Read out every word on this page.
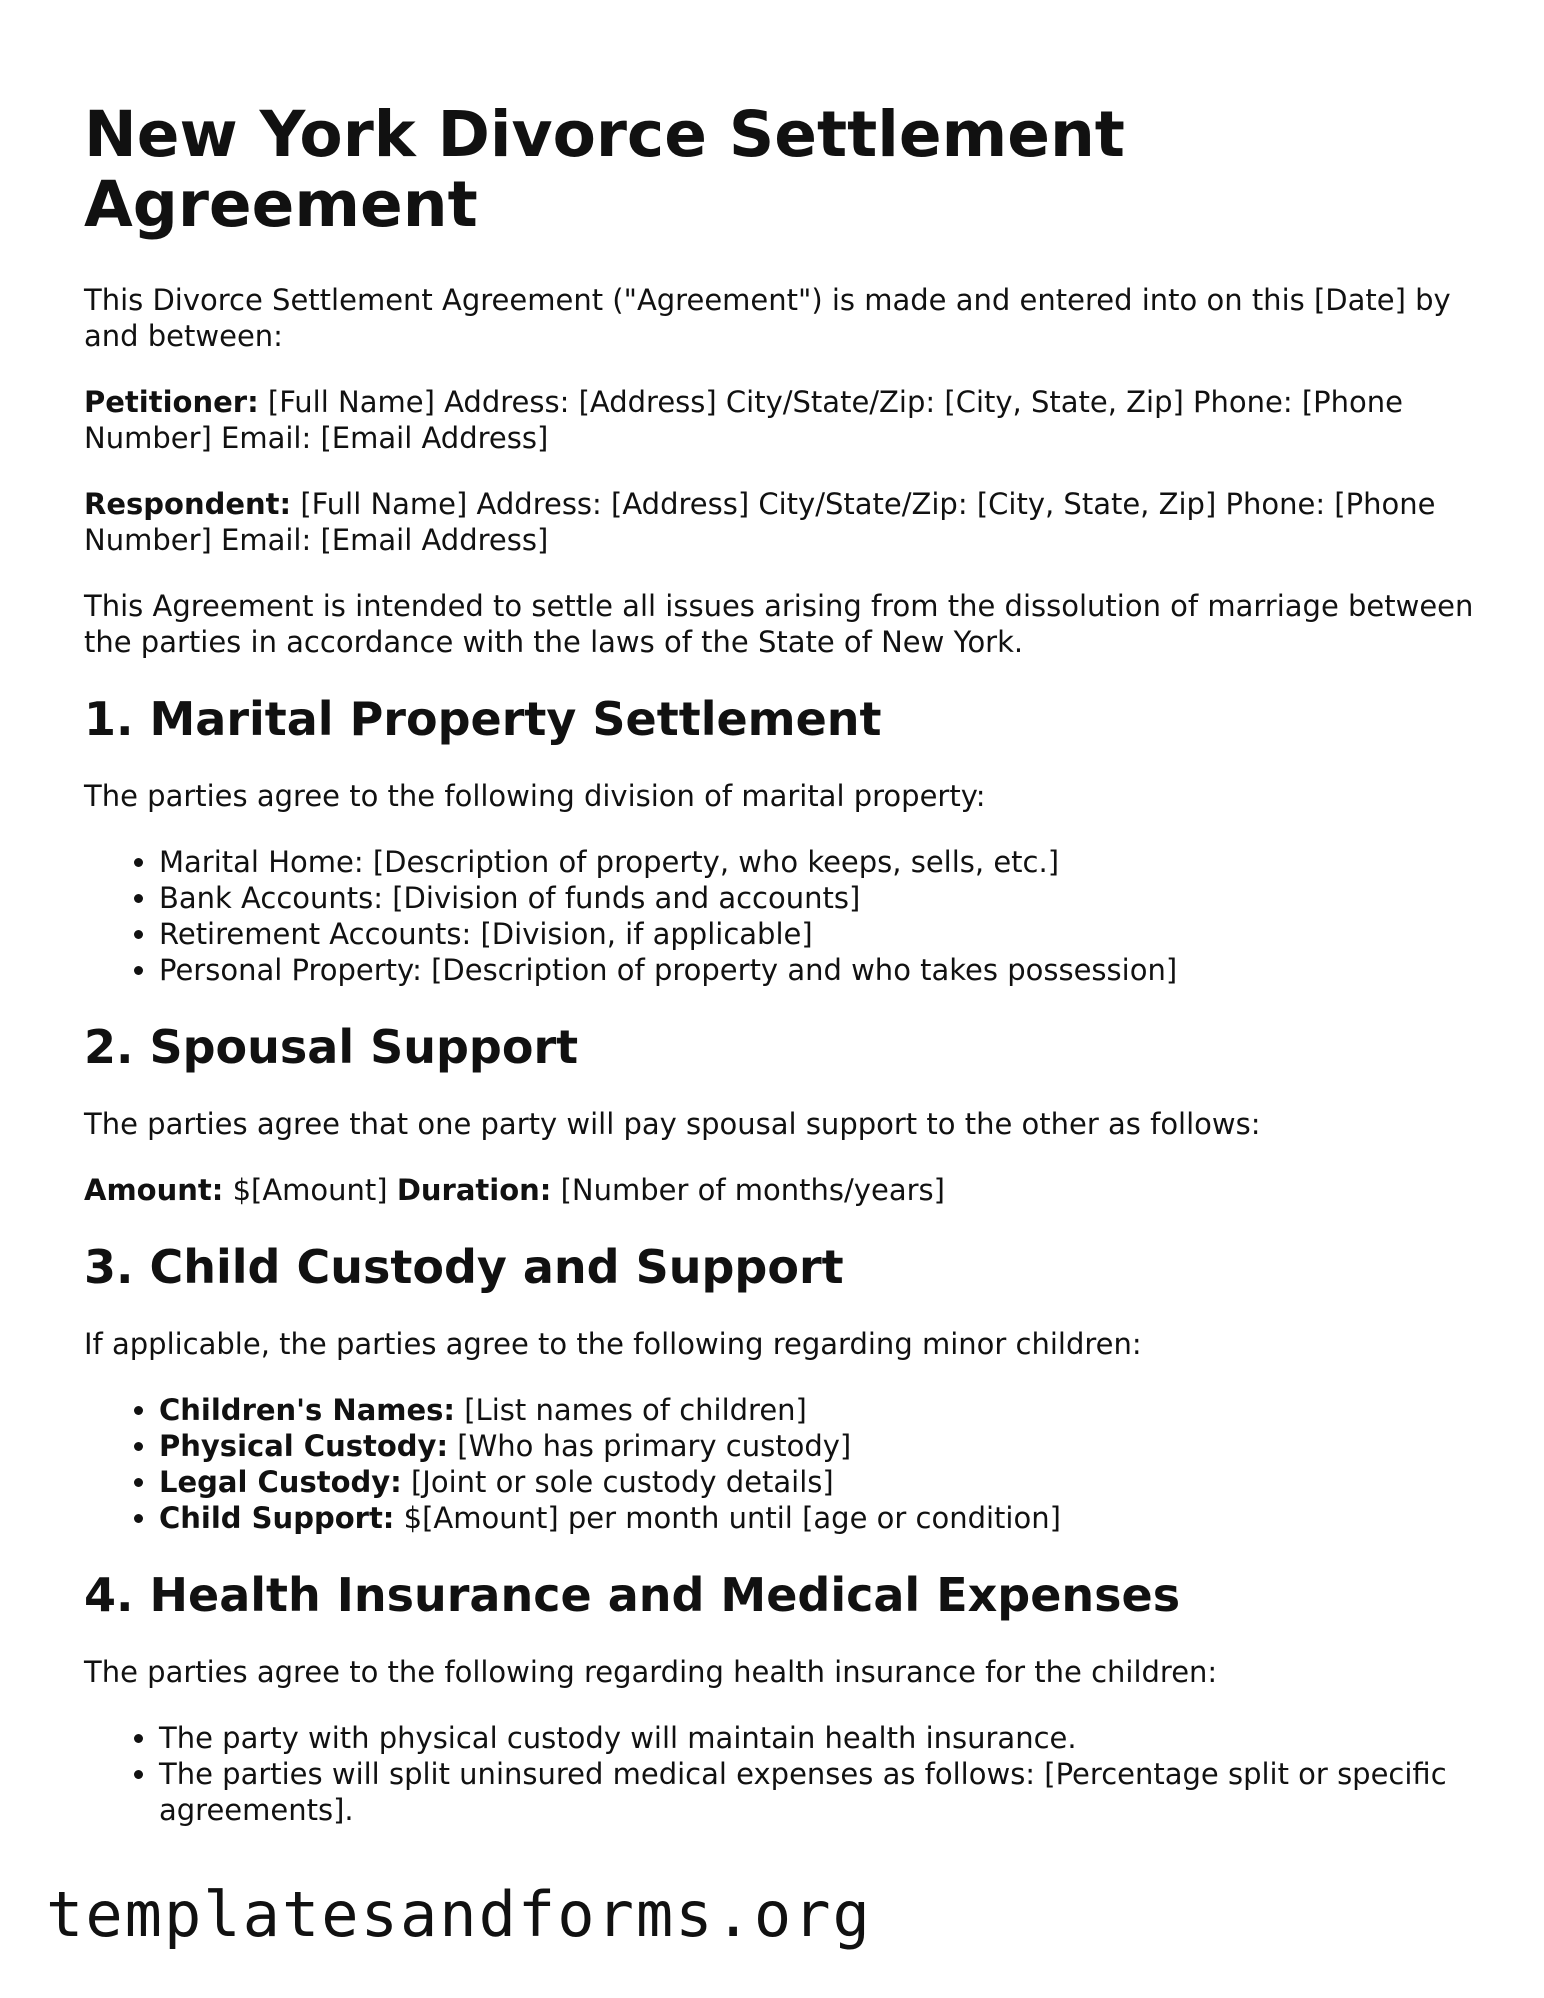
New York Divorce Settlement Agreement

This Divorce Settlement Agreement ("Agreement") is made and entered into on this [Date] by and between:

Petitioner: [Full Name] Address: [Address] City/State/Zip: [City, State, Zip] Phone: [Phone Number] Email: [Email Address]

Respondent: [Full Name] Address: [Address] City/State/Zip: [City, State, Zip] Phone: [Phone Number] Email: [Email Address]

This Agreement is intended to settle all issues arising from the dissolution of marriage between the parties in accordance with the laws of the State of New York.

1. Marital Property Settlement

The parties agree to the following division of marital property:

• Marital Home: [Description of property, who keeps, sells, etc.]
• Bank Accounts: [Division of funds and accounts]
• Retirement Accounts: [Division, if applicable]
• Personal Property: [Description of property and who takes possession]
2. Spousal Support

The parties agree that one party will pay spousal support to the other as follows:

Amount: $[Amount] Duration: [Number of months/years]

3. Child Custody and Support

If applicable, the parties agree to the following regarding minor children:

• Children's Names: [List names of children]
• Physical Custody: [Who has primary custody]
• Legal Custody: [Joint or sole custody details]
• Child Support: $[Amount] per month until [age or condition]
4. Health Insurance and Medical Expenses

The parties agree to the following regarding health insurance for the children:

• The party with physical custody will maintain health insurance.
• The parties will split uninsured medical expenses as follows: [Percentage split or specific agreements].
templatesandforms.org
